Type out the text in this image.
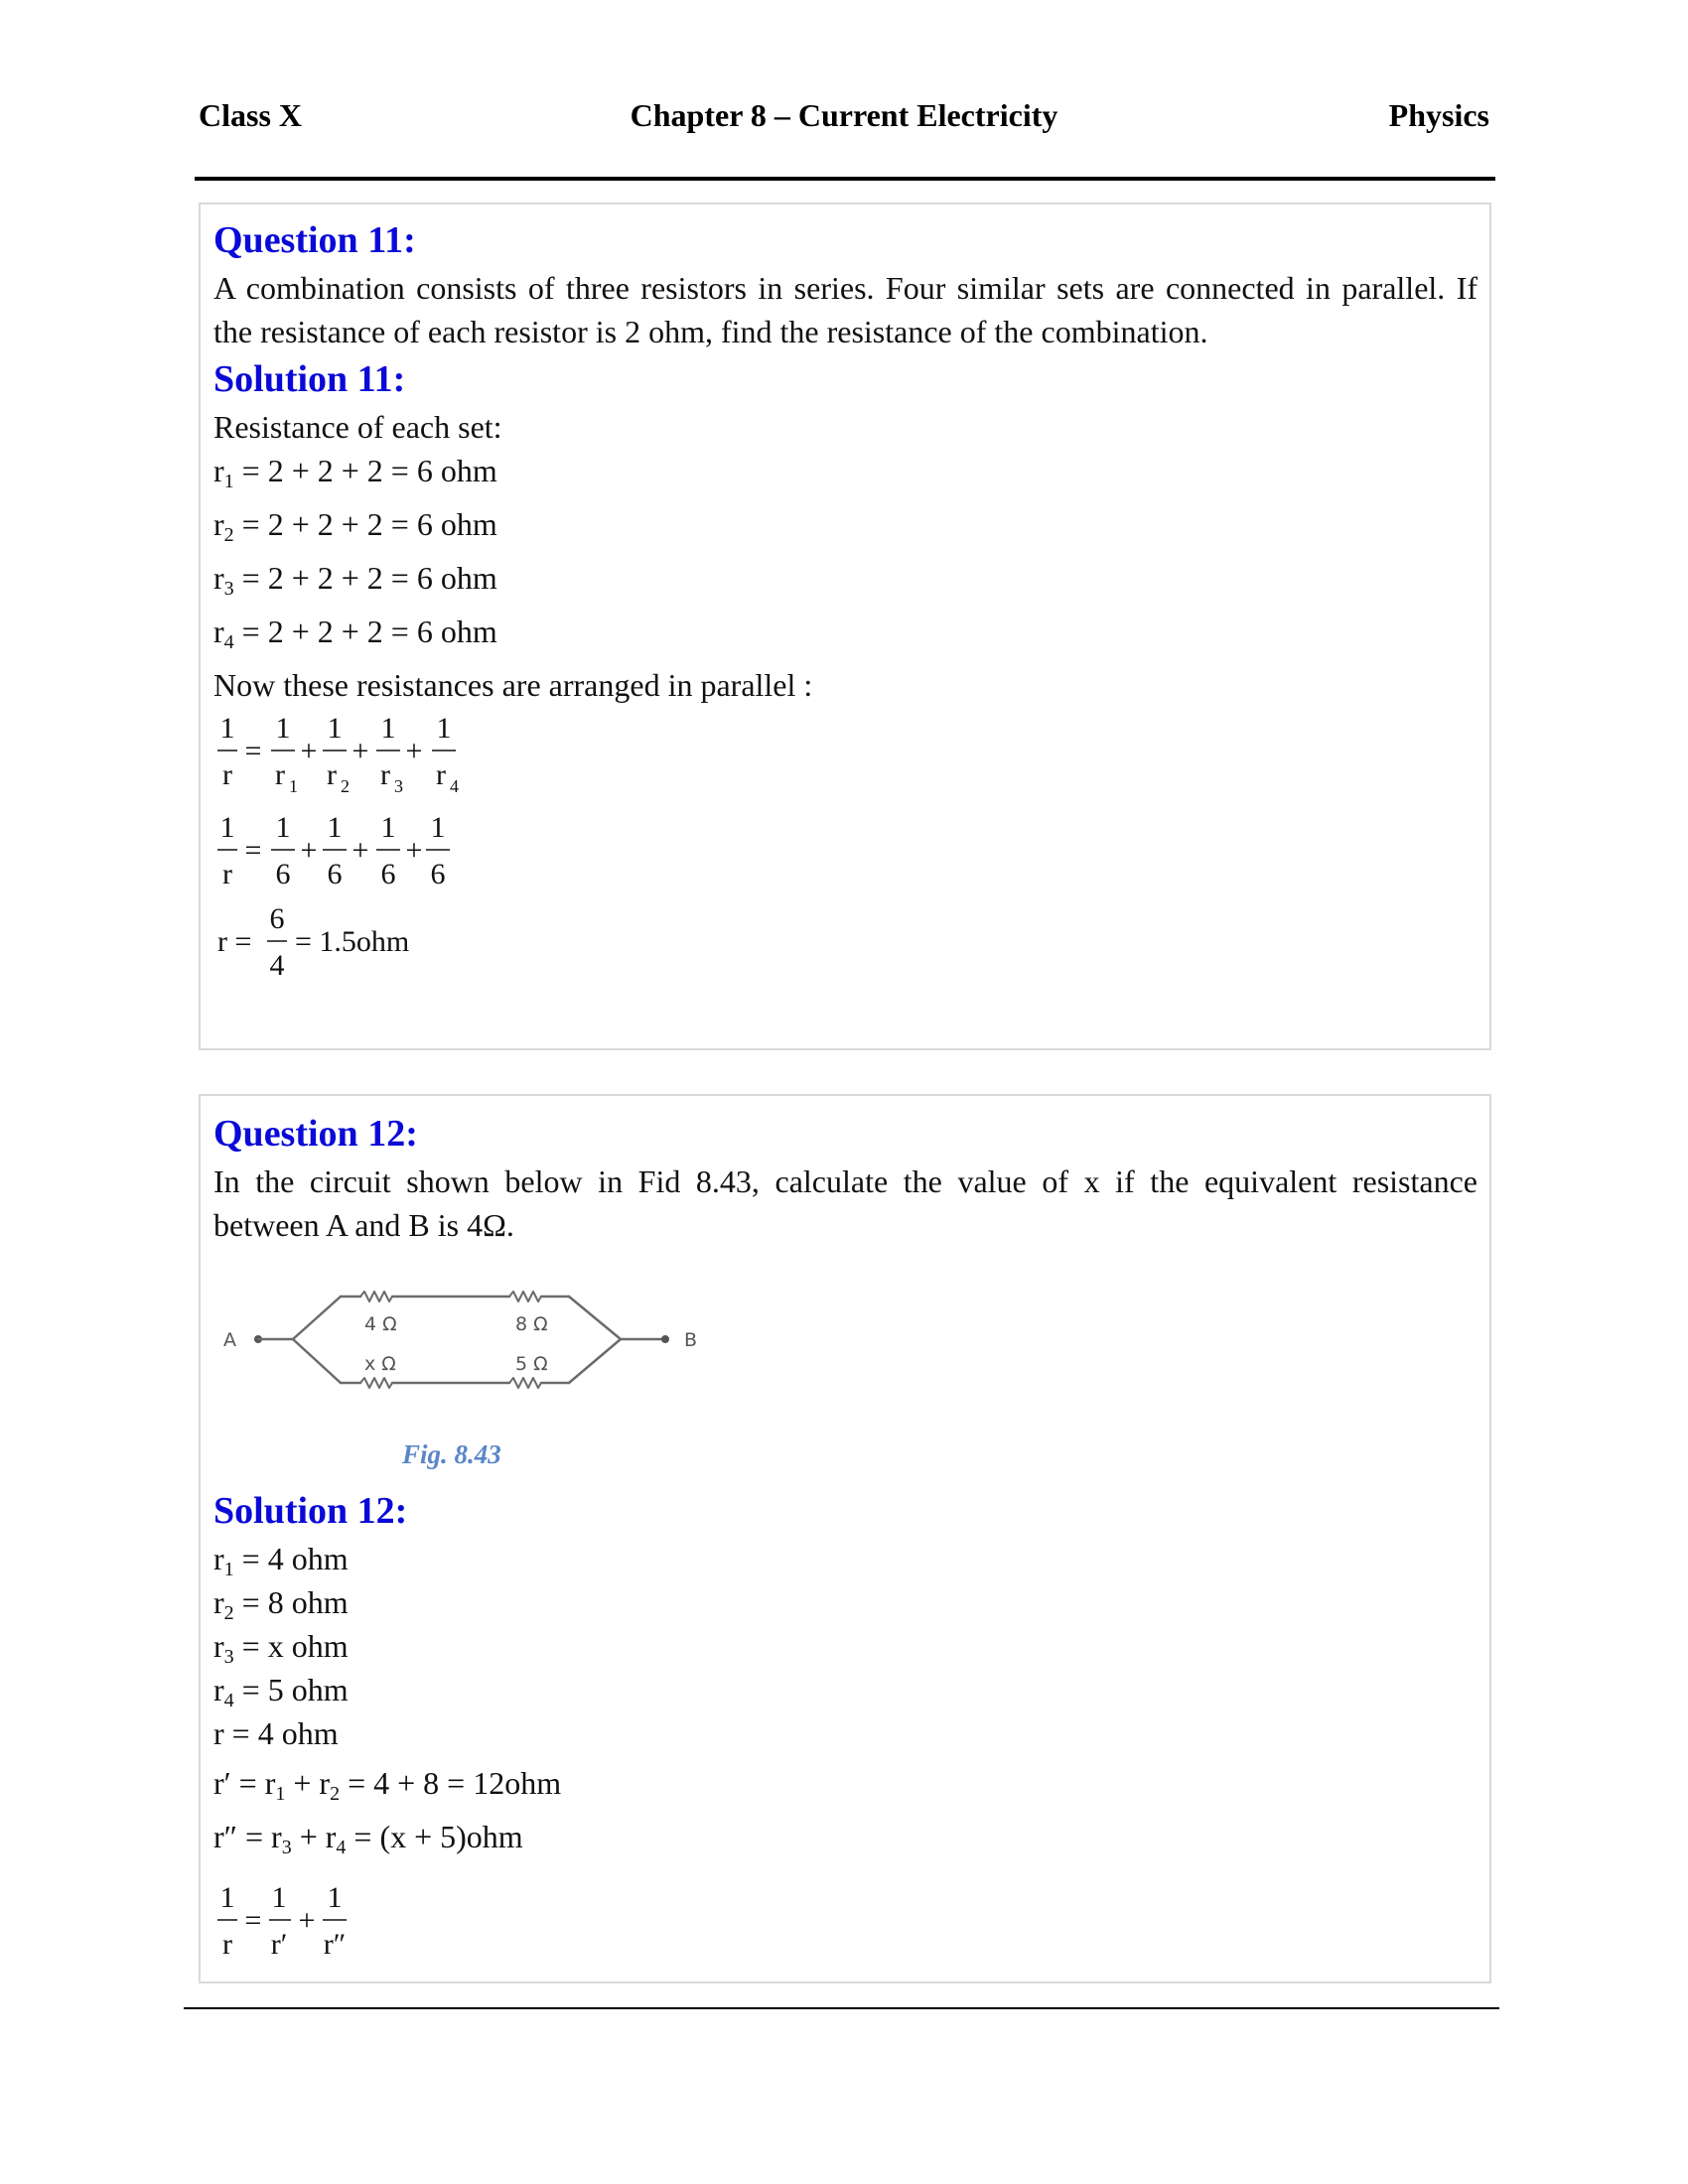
Class X	Chapter 8 – Current Electricity	Physics
Question 11:
A combination consists of three resistors in series. Four similar sets are connected in parallel. If
the resistance of each resistor is 2 ohm, find the resistance of the combination.
Solution 11:
Resistance of each set:
$r_1 = 2 + 2 + 2 = 6$ ohm
$r_2 = 2 + 2 + 2 = 6$ ohm
$r_3 = 2 + 2 + 2 = 6$ ohm
$r_4 = 2 + 2 + 2 = 6$ ohm
Now these resistances are arranged in parallel :
1
r
=
1
r 1
+
1
r 2
+
1
r 3
+
1
r 4
1
r
=
1
6
+
1
6
+
1
6
+
1
6
r =
6
4
= 1.5ohm
Question 12:
In the circuit shown below in Fid 8.43, calculate the value of x if the equivalent resistance
between A and B is 4Ω.
A	B
4 Ω	8 Ω
x Ω	5 Ω
Fig. 8.43
Solution 12:
$r_1 = 4$ ohm
$r_2 = 8$ ohm
$r_3 = x$ ohm
$r_4 = 5$ ohm
r = 4 ohm
$r' = r_1 + r_2 = 4 + 8 = 12ohm$
$r'' = r_3 + r_4 = (x + 5)ohm$
1
r
=
1
r′
+
1
r″
